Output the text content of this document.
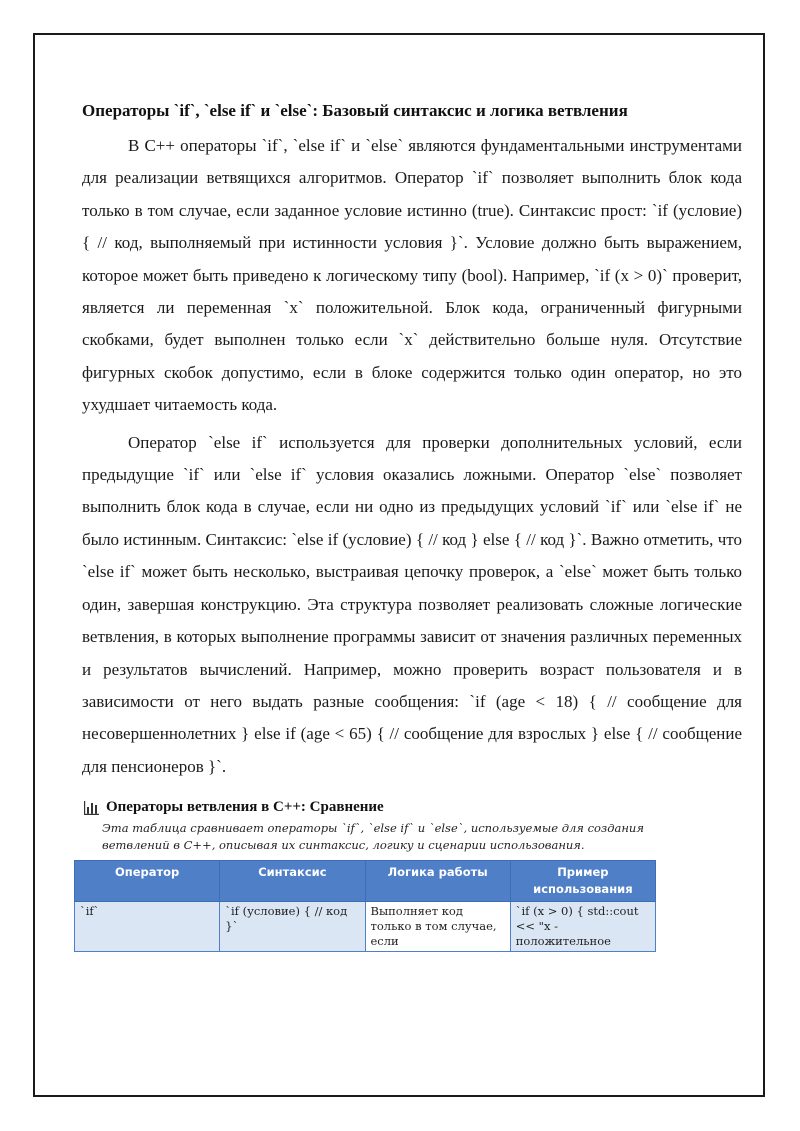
Операторы `if`, `else if` и `else`: Базовый синтаксис и логика ветвления

В C++ операторы `if`, `else if` и `else` являются фундаментальными инструментами для реализации ветвящихся алгоритмов. Оператор `if` позволяет выполнить блок кода только в том случае, если заданное условие истинно (true). Синтаксис прост: `if (условие) { // код, выполняемый при истинности условия }`. Условие должно быть выражением, которое может быть приведено к логическому типу (bool). Например, `if (x > 0)` проверит, является ли переменная `x` положительной. Блок кода, ограниченный фигурными скобками, будет выполнен только если `x` действительно больше нуля. Отсутствие фигурных скобок допустимо, если в блоке содержится только один оператор, но это ухудшает читаемость кода.

Оператор `else if` используется для проверки дополнительных условий, если предыдущие `if` или `else if` условия оказались ложными. Оператор `else` позволяет выполнить блок кода в случае, если ни одно из предыдущих условий `if` или `else if` не было истинным. Синтаксис: `else if (условие) { // код } else { // код }`. Важно отметить, что `else if` может быть несколько, выстраивая цепочку проверок, а `else` может быть только один, завершая конструкцию. Эта структура позволяет реализовать сложные логические ветвления, в которых выполнение программы зависит от значения различных переменных и результатов вычислений. Например, можно проверить возраст пользователя и в зависимости от него выдать разные сообщения: `if (age < 18) { // сообщение для несовершеннолетних } else if (age < 65) { // сообщение для взрослых } else { // сообщение для пенсионеров }`.

Операторы ветвления в C++: Сравнение
Эта таблица сравнивает операторы `if`, `else if` и `else`, используемые для создания ветвлений в C++, описывая их синтаксис, логику и сценарии использования.
Оператор	Синтаксис	Логика работы	Пример использования
`if`	`if (условие) { // код }`	Выполняет код только в том случае, если	`if (x > 0) { std::cout << "x - положительное
